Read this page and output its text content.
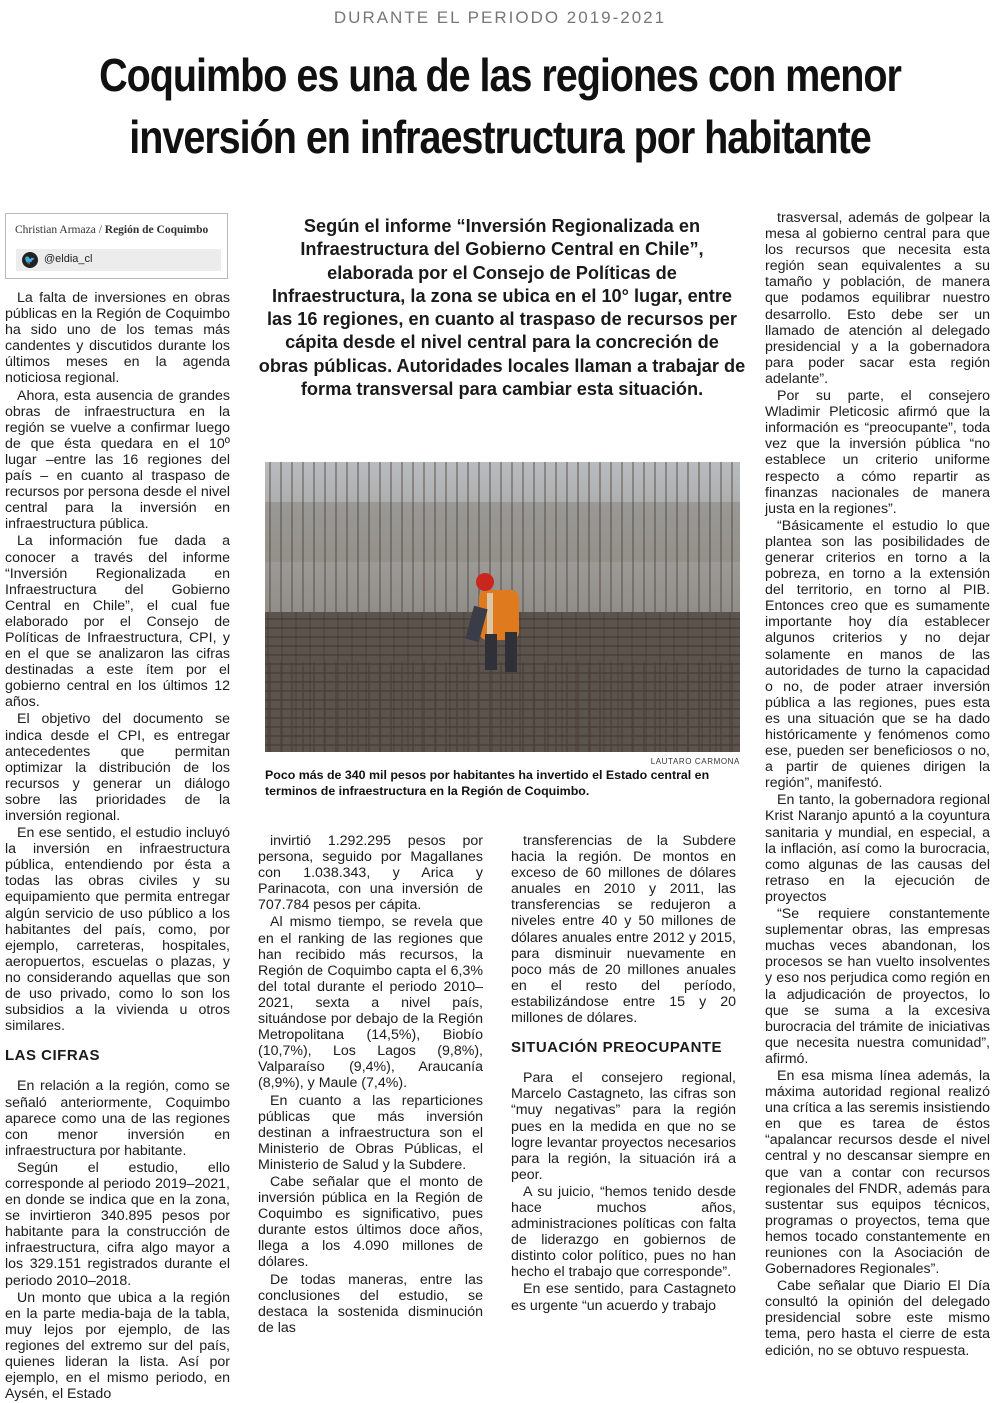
DURANTE EL PERIODO 2019-2021
Coquimbo es una de las regiones con menor
inversión en infraestructura por habitante
Christian Armaza / Región de Coquimbo
🐦 @eldia_cl

Según el informe “Inversión Regionalizada en Infraestructura del Gobierno Central en Chile”, elaborada por el Consejo de Políticas de Infraestructura, la zona se ubica en el 10° lugar, entre las 16 regiones, en cuanto al traspaso de recursos per cápita desde el nivel central para la concreción de obras públicas. Autoridades locales llaman a trabajar de forma transversal para cambiar esta situación.

LAUTARO CARMONA

Poco más de 340 mil pesos por habitantes ha invertido el Estado central en terminos de infraestructura en la Región de Coquimbo.

La falta de inversiones en obras públicas en la Región de Coquimbo ha sido uno de los temas más candentes y discutidos durante los últimos meses en la agenda noticiosa regional.

Ahora, esta ausencia de grandes obras de infraestructura en la región se vuelve a confirmar luego de que ésta quedara en el 10º lugar –entre las 16 regiones del país – en cuanto al traspaso de recursos por persona desde el nivel central para la inversión en infraestructura pública.

La información fue dada a conocer a través del informe “Inversión Regionalizada en Infraestructura del Gobierno Central en Chile”, el cual fue elaborado por el Consejo de Políticas de Infraestructura, CPI, y en el que se analizaron las cifras destinadas a este ítem por el gobierno central en los últimos 12 años.

El objetivo del documento se indica desde el CPI, es entregar antecedentes que permitan optimizar la distribución de los recursos y generar un diálogo sobre las prioridades de la inversión regional.

En ese sentido, el estudio incluyó la inversión en infraestructura pública, entendiendo por ésta a todas las obras civiles y su equipamiento que permita entregar algún servicio de uso público a los habitantes del país, como, por ejemplo, carreteras, hospitales, aeropuertos, escuelas o plazas, y no considerando aquellas que son de uso privado, como lo son los subsidios a la vivienda u otros similares.

LAS CIFRAS

En relación a la región, como se señaló anteriormente, Coquimbo aparece como una de las regiones con menor inversión en infraestructura por habitante.

Según el estudio, ello corresponde al periodo 2019–2021, en donde se indica que en la zona, se invirtieron 340.895 pesos por habitante para la construcción de infraestructura, cifra algo mayor a los 329.151 registrados durante el periodo 2010–2018.

Un monto que ubica a la región en la parte media-baja de la tabla, muy lejos por ejemplo, de las regiones del extremo sur del país, quienes lideran la lista. Así por ejemplo, en el mismo periodo, en Aysén, el Estado

invirtió 1.292.295 pesos por persona, seguido por Magallanes con 1.038.343, y Arica y Parinacota, con una inversión de 707.784 pesos per cápita.

Al mismo tiempo, se revela que en el ranking de las regiones que han recibido más recursos, la Región de Coquimbo capta el 6,3% del total durante el periodo 2010–2021, sexta a nivel país, situándose por debajo de la Región Metropolitana (14,5%), Biobío (10,7%), Los Lagos (9,8%), Valparaíso (9,4%), Araucanía (8,9%), y Maule (7,4%).

En cuanto a las reparticiones públicas que más inversión destinan a infraestructura son el Ministerio de Obras Públicas, el Ministerio de Salud y la Subdere.

Cabe señalar que el monto de inversión pública en la Región de Coquimbo es significativo, pues durante estos últimos doce años, llega a los 4.090 millones de dólares.

De todas maneras, entre las conclusiones del estudio, se destaca la sostenida disminución de las

transferencias de la Subdere hacia la región. De montos en exceso de 60 millones de dólares anuales en 2010 y 2011, las transferencias se redujeron a niveles entre 40 y 50 millones de dólares anuales entre 2012 y 2015, para disminuir nuevamente en poco más de 20 millones anuales en el resto del período, estabilizándose entre 15 y 20 millones de dólares.

SITUACIÓN PREOCUPANTE

Para el consejero regional, Marcelo Castagneto, las cifras son “muy negativas” para la región pues en la medida en que no se logre levantar proyectos necesarios para la región, la situación irá a peor.

A su juicio, “hemos tenido desde hace muchos años, administraciones políticas con falta de liderazgo en gobiernos de distinto color político, pues no han hecho el trabajo que corresponde”.

En ese sentido, para Castagneto es urgente “un acuerdo y trabajo

trasversal, además de golpear la mesa al gobierno central para que los recursos que necesita esta región sean equivalentes a su tamaño y población, de manera que podamos equilibrar nuestro desarrollo. Esto debe ser un llamado de atención al delegado presidencial y a la gobernadora para poder sacar esta región adelante”.

Por su parte, el consejero Wladimir Pleticosic afirmó que la información es “preocupante”, toda vez que la inversión pública “no establece un criterio uniforme respecto a cómo repartir as finanzas nacionales de manera justa en la regiones”.

“Básicamente el estudio lo que plantea son las posibilidades de generar criterios en torno a la pobreza, en torno a la extensión del territorio, en torno al PIB. Entonces creo que es sumamente importante hoy día establecer algunos criterios y no dejar solamente en manos de las autoridades de turno la capacidad o no, de poder atraer inversión pública a las regiones, pues esta es una situación que se ha dado históricamente y fenómenos como ese, pueden ser beneficiosos o no, a partir de quienes dirigen la región”, manifestó.

En tanto, la gobernadora regional Krist Naranjo apuntó a la coyuntura sanitaria y mundial, en especial, a la inflación, así como la burocracia, como algunas de las causas del retraso en la ejecución de proyectos

“Se requiere constantemente suplementar obras, las empresas muchas veces abandonan, los procesos se han vuelto insolventes y eso nos perjudica como región en la adjudicación de proyectos, lo que se suma a la excesiva burocracia del trámite de iniciativas que necesita nuestra comunidad”, afirmó.

En esa misma línea además, la máxima autoridad regional realizó una crítica a las seremis insistiendo en que es tarea de éstos “apalancar recursos desde el nivel central y no descansar siempre en que van a contar con recursos regionales del FNDR, además para sustentar sus equipos técnicos, programas o proyectos, tema que hemos tocado constantemente en reuniones con la Asociación de Gobernadores Regionales”.

Cabe señalar que Diario El Día consultó la opinión del delegado presidencial sobre este mismo tema, pero hasta el cierre de esta edición, no se obtuvo respuesta.
